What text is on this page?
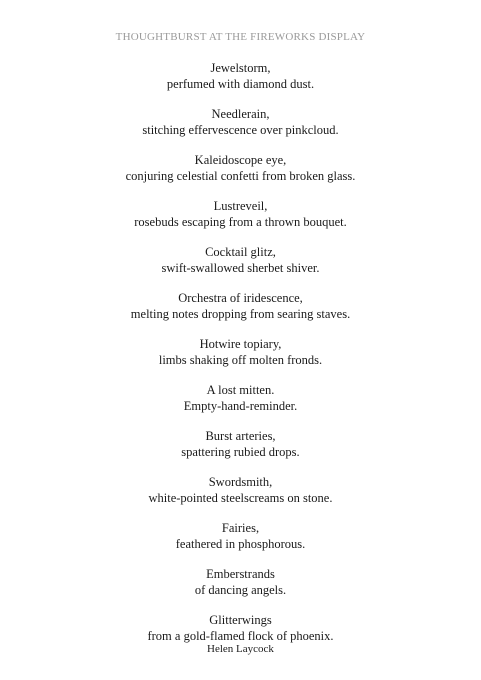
THOUGHTBURST AT THE FIREWORKS DISPLAY
Jewelstorm,
perfumed with diamond dust.
Needlerain,
stitching effervescence over pinkcloud.
Kaleidoscope eye,
conjuring celestial confetti from broken glass.
Lustreveil,
rosebuds escaping from a thrown bouquet.
Cocktail glitz,
swift-swallowed sherbet shiver.
Orchestra of iridescence,
melting notes dropping from searing staves.
Hotwire topiary,
limbs shaking off molten fronds.
A lost mitten.
Empty-hand-reminder.
Burst arteries,
spattering rubied drops.
Swordsmith,
white-pointed steelscreams on stone.
Fairies,
feathered in phosphorous.
Emberstrands
of dancing angels.
Glitterwings
from a gold-flamed flock of phoenix.
Helen Laycock
